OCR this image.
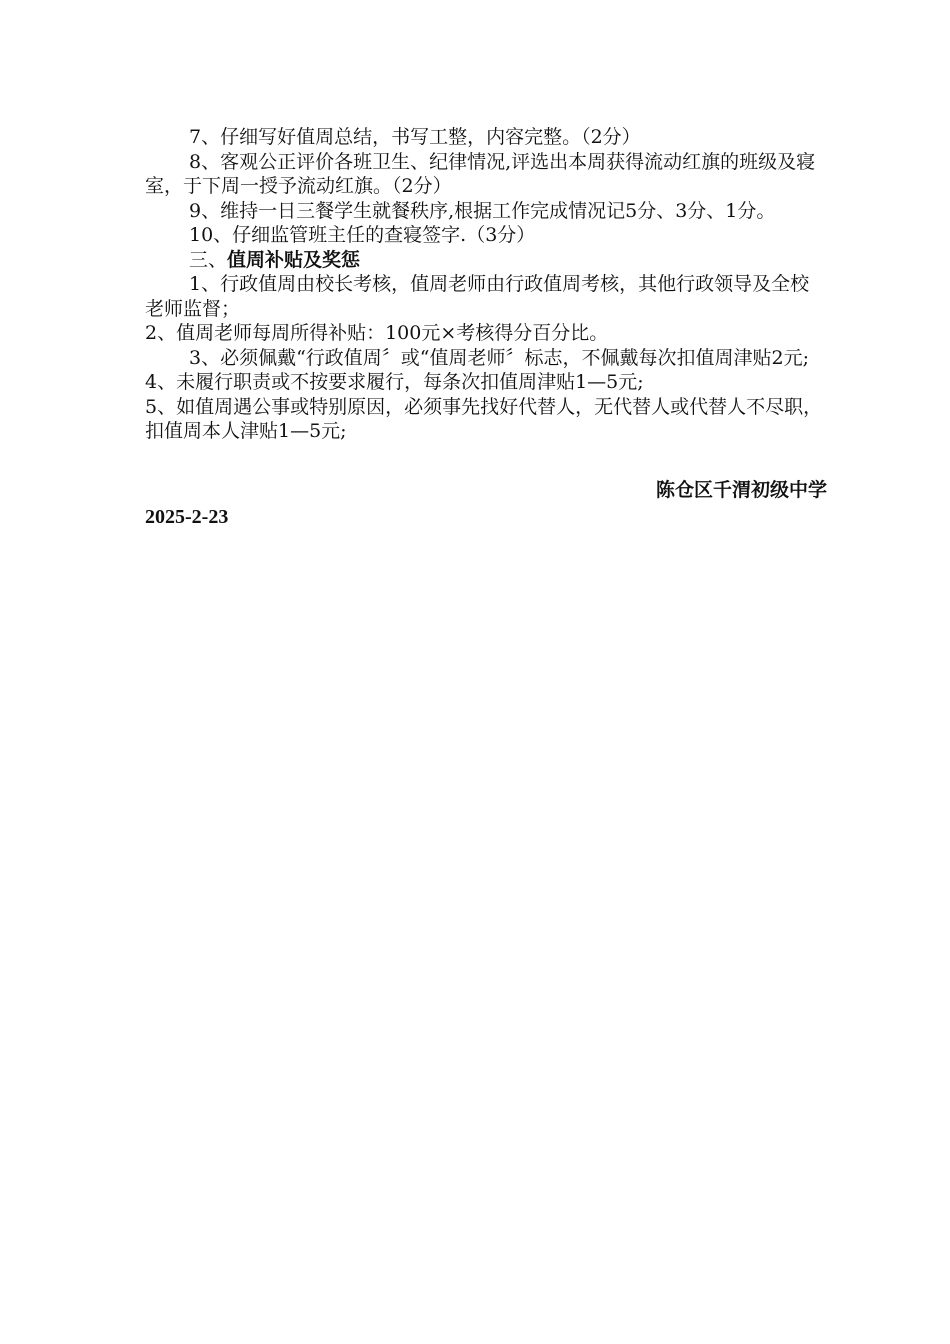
7、仔细写好值周总结，书写工整，内容完整。（2分）

8、客观公正评价各班卫生、纪律情况,评选出本周获得流动红旗的班级及寝室，于下周一授予流动红旗。（2分）

9、维持一日三餐学生就餐秩序,根据工作完成情况记5分、3分、1分。

10、仔细监管班主任的查寝签字.（3分）

三、值周补贴及奖惩

1、行政值周由校长考核，值周老师由行政值周考核，其他行政领导及全校老师监督；

2、值周老师每周所得补贴：100元×考核得分百分比。

3、必须佩戴“行政值周〞或“值周老师〞标志，不佩戴每次扣值周津贴2元;

4、未履行职责或不按要求履行，每条次扣值周津贴1—5元;

5、如值周遇公事或特别原因，必须事先找好代替人，无代替人或代替人不尽职，扣值周本人津贴1—5元;

陈仓区千渭初级中学

2025-2-23
